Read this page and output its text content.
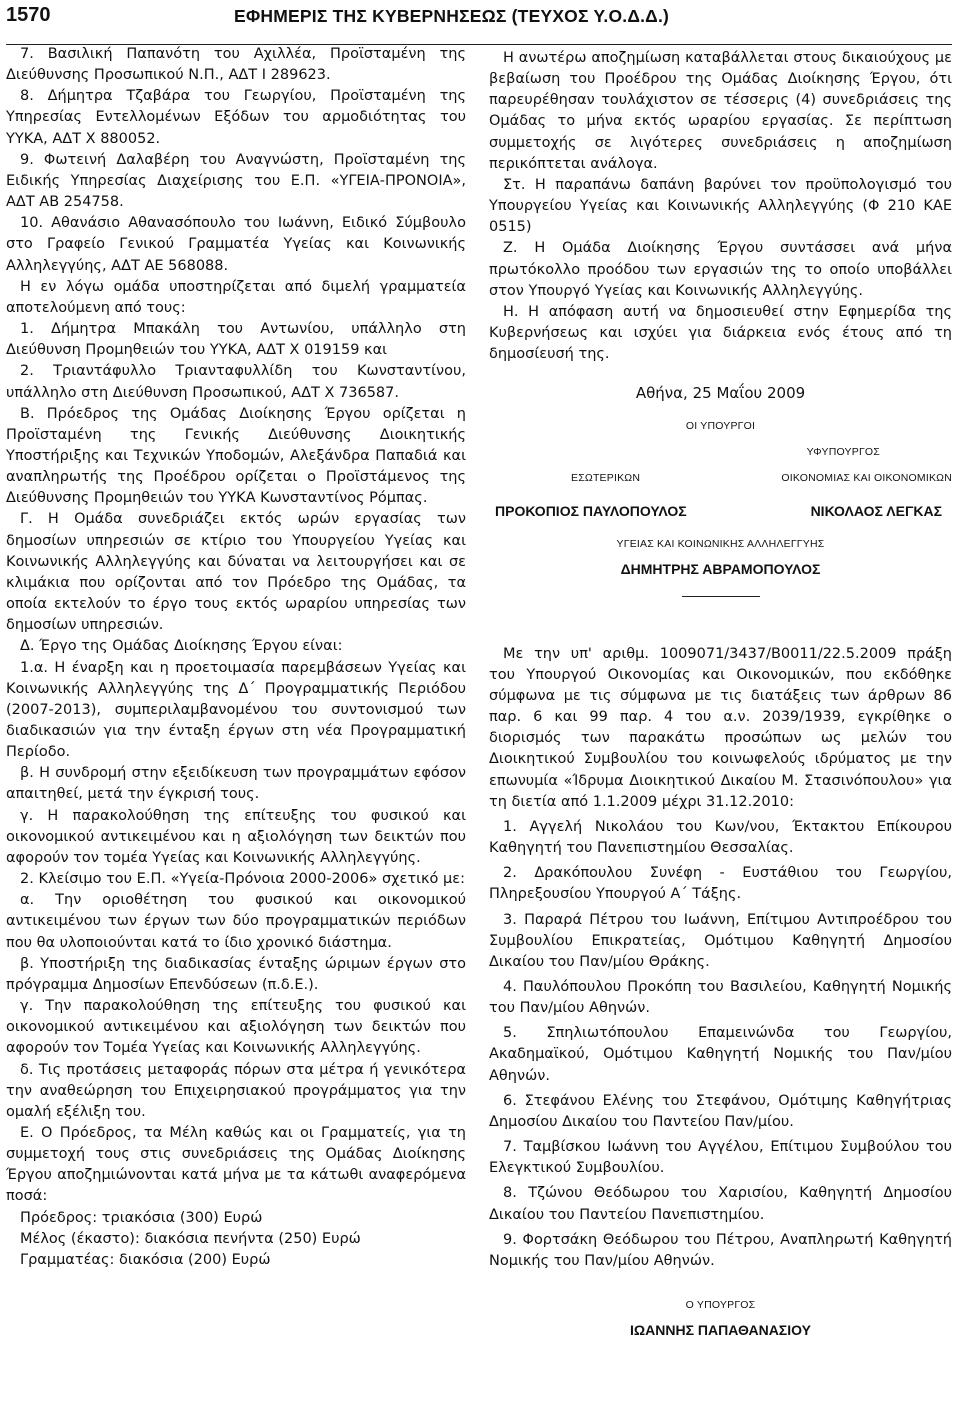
1570	ΕΦΗΜΕΡΙΣ ΤΗΣ ΚΥΒΕΡΝΗΣΕΩΣ (ΤΕΥΧΟΣ Υ.Ο.Δ.Δ.)

7. Βασιλική Παπανότη του Αχιλλέα, Προϊσταμένη της Διεύθυνσης Προσωπικού Ν.Π., ΑΔΤ Ι 289623.

8. Δήμητρα Τζαβάρα του Γεωργίου, Προϊσταμένη της Υπηρεσίας Εντελλομένων Εξόδων του αρμοδιότητας του ΥΥΚΑ, ΑΔΤ Χ 880052.

9. Φωτεινή Δαλαβέρη του Αναγνώστη, Προϊσταμένη της Ειδικής Υπηρεσίας Διαχείρισης του Ε.Π. «ΥΓΕΙΑ-ΠΡΟΝΟΙΑ», ΑΔΤ ΑΒ 254758.

10. Αθανάσιο Αθανασόπουλο του Ιωάννη, Ειδικό Σύμβουλο στο Γραφείο Γενικού Γραμματέα Υγείας και Κοινωνικής Αλληλεγγύης, ΑΔΤ ΑΕ 568088.

Η εν λόγω ομάδα υποστηρίζεται από διμελή γραμματεία αποτελούμενη από τους:

1. Δήμητρα Μπακάλη του Αντωνίου, υπάλληλο στη Διεύθυνση Προμηθειών του ΥΥΚΑ, ΑΔΤ Χ 019159 και

2. Τριαντάφυλλο Τριανταφυλλίδη του Κωνσταντίνου, υπάλληλο στη Διεύθυνση Προσωπικού, ΑΔΤ Χ 736587.

Β. Πρόεδρος της Ομάδας Διοίκησης Έργου ορίζεται η Προϊσταμένη της Γενικής Διεύθυνσης Διοικητικής Υποστήριξης και Τεχνικών Υποδομών, Αλεξάνδρα Παπαδιά και αναπληρωτής της Προέδρου ορίζεται ο Προϊστάμενος της Διεύθυνσης Προμηθειών του ΥΥΚΑ Κωνσταντίνος Ρόμπας.

Γ. Η Ομάδα συνεδριάζει εκτός ωρών εργασίας των δημοσίων υπηρεσιών σε κτίριο του Υπουργείου Υγείας και Κοινωνικής Αλληλεγγύης και δύναται να λειτουργήσει και σε κλιμάκια που ορίζονται από τον Πρόεδρο της Ομάδας, τα οποία εκτελούν το έργο τους εκτός ωραρίου υπηρεσίας των δημοσίων υπηρεσιών.

Δ. Έργο της Ομάδας Διοίκησης Έργου είναι:

1.α. Η έναρξη και η προετοιμασία παρεμβάσεων Υγείας και Κοινωνικής Αλληλεγγύης της Δ΄ Προγραμματικής Περιόδου (2007-2013), συμπεριλαμβανομένου του συντονισμού των διαδικασιών για την ένταξη έργων στη νέα Προγραμματική Περίοδο.

β. Η συνδρομή στην εξειδίκευση των προγραμμάτων εφόσον απαιτηθεί, μετά την έγκρισή τους.

γ. Η παρακολούθηση της επίτευξης του φυσικού και οικονομικού αντικειμένου και η αξιολόγηση των δεικτών που αφορούν τον τομέα Υγείας και Κοινωνικής Αλληλεγγύης.

2. Κλείσιμο του Ε.Π. «Υγεία-Πρόνοια 2000-2006» σχετικό με:

α. Την οριοθέτηση του φυσικού και οικονομικού αντικειμένου των έργων των δύο προγραμματικών περιόδων που θα υλοποιούνται κατά το ίδιο χρονικό διάστημα.

β. Υποστήριξη της διαδικασίας ένταξης ώριμων έργων στο πρόγραμμα Δημοσίων Επενδύσεων (π.δ.Ε.).

γ. Την παρακολούθηση της επίτευξης του φυσικού και οικονομικού αντικειμένου και αξιολόγηση των δεικτών που αφορούν τον Τομέα Υγείας και Κοινωνικής Αλληλεγγύης.

δ. Τις προτάσεις μεταφοράς πόρων στα μέτρα ή γενικότερα την αναθεώρηση του Επιχειρησιακού προγράμματος για την ομαλή εξέλιξη του.

Ε. Ο Πρόεδρος, τα Μέλη καθώς και οι Γραμματείς, για τη συμμετοχή τους στις συνεδριάσεις της Ομάδας Διοίκησης Έργου αποζημιώνονται κατά μήνα με τα κάτωθι αναφερόμενα ποσά:

Πρόεδρος: τριακόσια (300) Ευρώ

Μέλος (έκαστο): διακόσια πενήντα (250) Ευρώ

Γραμματέας: διακόσια (200) Ευρώ

Η ανωτέρω αποζημίωση καταβάλλεται στους δικαιούχους με βεβαίωση του Προέδρου της Ομάδας Διοίκησης Έργου, ότι παρευρέθησαν τουλάχιστον σε τέσσερις (4) συνεδριάσεις της Ομάδας το μήνα εκτός ωραρίου εργασίας. Σε περίπτωση συμμετοχής σε λιγότερες συνεδριάσεις η αποζημίωση περικόπτεται ανάλογα.

Στ. Η παραπάνω δαπάνη βαρύνει τον προϋπολογισμό του Υπουργείου Υγείας και Κοινωνικής Αλληλεγγύης (Φ 210 ΚΑΕ 0515)

Ζ. Η Ομάδα Διοίκησης Έργου συντάσσει ανά μήνα πρωτόκολλο προόδου των εργασιών της το οποίο υποβάλλει στον Υπουργό Υγείας και Κοινωνικής Αλληλεγγύης.

Η. Η απόφαση αυτή να δημοσιευθεί στην Εφημερίδα της Κυβερνήσεως και ισχύει για διάρκεια ενός έτους από τη δημοσίευσή της.

Αθήνα, 25 Μαΐου 2009

ΟΙ ΥΠΟΥΡΓΟΙ

ΥΦΥΠΟΥΡΓΟΣ
ΕΣΩΤΕΡΙΚΩΝ	ΟΙΚΟΝΟΜΙΑΣ ΚΑΙ ΟΙΚΟΝΟΜΙΚΩΝ
ΠΡΟΚΟΠΙΟΣ ΠΑΥΛΟΠΟΥΛΟΣ	ΝΙΚΟΛΑΟΣ ΛΕΓΚΑΣ

ΥΓΕΙΑΣ ΚΑΙ ΚΟΙΝΩΝΙΚΗΣ ΑΛΛΗΛΕΓΓΥΗΣ

ΔΗΜΗΤΡΗΣ ΑΒΡΑΜΟΠΟΥΛΟΣ

Με την υπ' αριθμ. 1009071/3437/Β0011/22.5.2009 πράξη του Υπουργού Οικονομίας και Οικονομικών, που εκδόθηκε σύμφωνα με τις σύμφωνα με τις διατάξεις των άρθρων 86 παρ. 6 και 99 παρ. 4 του α.ν. 2039/1939, εγκρίθηκε ο διορισμός των παρακάτω προσώπων ως μελών του Διοικητικού Συμβουλίου του κοινωφελούς ιδρύματος με την επωνυμία «Ίδρυμα Διοικητικού Δικαίου Μ. Στασινόπουλου» για τη διετία από 1.1.2009 μέχρι 31.12.2010:

1. Αγγελή Νικολάου του Κων/νου, Έκτακτου Επίκουρου Καθηγητή του Πανεπιστημίου Θεσσαλίας.

2. Δρακόπουλου Συνέφη - Ευστάθιου του Γεωργίου, Πληρεξουσίου Υπουργού Α΄ Τάξης.

3. Παραρά Πέτρου του Ιωάννη, Επίτιμου Αντιπροέδρου του Συμβουλίου Επικρατείας, Ομότιμου Καθηγητή Δημοσίου Δικαίου του Παν/μίου Θράκης.

4. Παυλόπουλου Προκόπη του Βασιλείου, Καθηγητή Νομικής του Παν/μίου Αθηνών.

5. Σπηλιωτόπουλου Επαμεινώνδα του Γεωργίου, Ακαδημαϊκού, Ομότιμου Καθηγητή Νομικής του Παν/μίου Αθηνών.

6. Στεφάνου Ελένης του Στεφάνου, Ομότιμης Καθηγήτριας Δημοσίου Δικαίου του Παντείου Παν/μίου.

7. Ταμβίσκου Ιωάννη του Αγγέλου, Επίτιμου Συμβούλου του Ελεγκτικού Συμβουλίου.

8. Τζώνου Θεόδωρου του Χαρισίου, Καθηγητή Δημοσίου Δικαίου του Παντείου Πανεπιστημίου.

9. Φορτσάκη Θεόδωρου του Πέτρου, Αναπληρωτή Καθηγητή Νομικής του Παν/μίου Αθηνών.

Ο ΥΠΟΥΡΓΟΣ

ΙΩΑΝΝΗΣ ΠΑΠΑΘΑΝΑΣΙΟΥ
